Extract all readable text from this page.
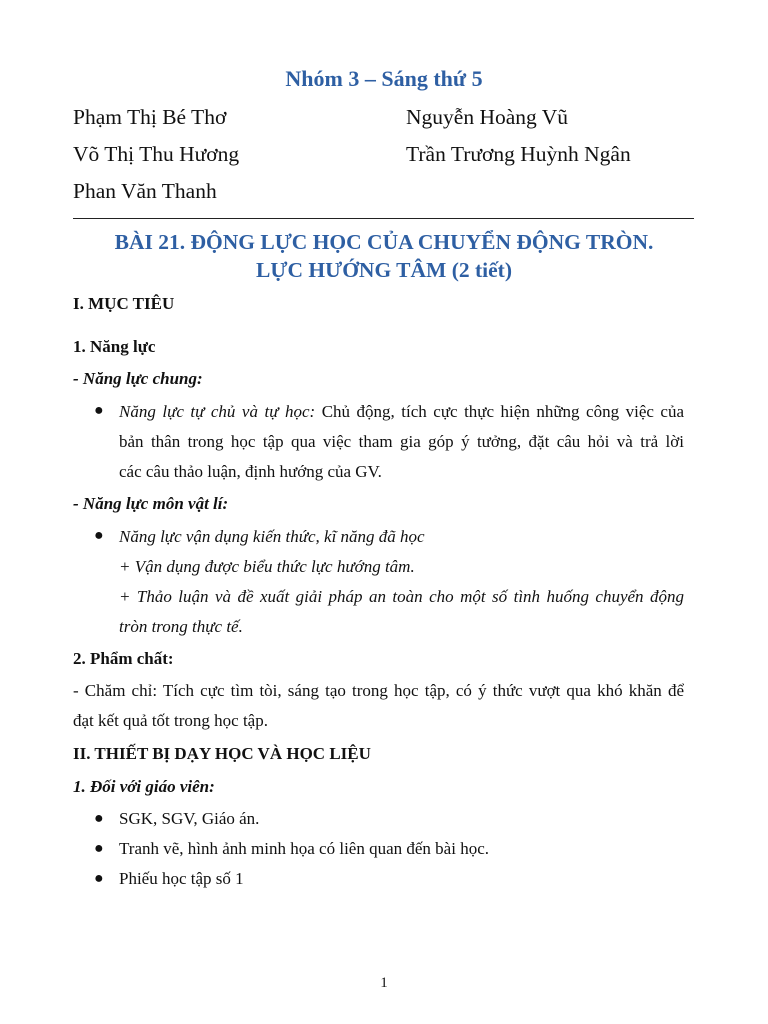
Nhóm 3 – Sáng thứ 5
Phạm Thị Bé Thơ	Nguyễn Hoàng Vũ
Võ Thị Thu Hương	Trần Trương Huỳnh Ngân
Phan Văn Thanh
BÀI 21. ĐỘNG LỰC HỌC CỦA CHUYỂN ĐỘNG TRÒN.
LỰC HƯỚNG TÂM (2 tiết)
I. MỤC TIÊU
1. Năng lực
- Năng lực chung:
● Năng lực tự chủ và tự học: Chủ động, tích cực thực hiện những công việc của
bản thân trong học tập qua việc tham gia góp ý tưởng, đặt câu hỏi và trả lời
các câu thảo luận, định hướng của GV.
- Năng lực môn vật lí:
● Năng lực vận dụng kiến thức, kĩ năng đã học
+ Vận dụng được biểu thức lực hướng tâm.
+ Thảo luận và đề xuất giải pháp an toàn cho một số tình huống chuyển động
tròn trong thực tế.
2. Phẩm chất:
- Chăm chỉ: Tích cực tìm tòi, sáng tạo trong học tập, có ý thức vượt qua khó khăn để
đạt kết quả tốt trong học tập.
II. THIẾT BỊ DẠY HỌC VÀ HỌC LIỆU
1. Đối với giáo viên:
● SGK, SGV, Giáo án.
● Tranh vẽ, hình ảnh minh họa có liên quan đến bài học.
● Phiếu học tập số 1
1
